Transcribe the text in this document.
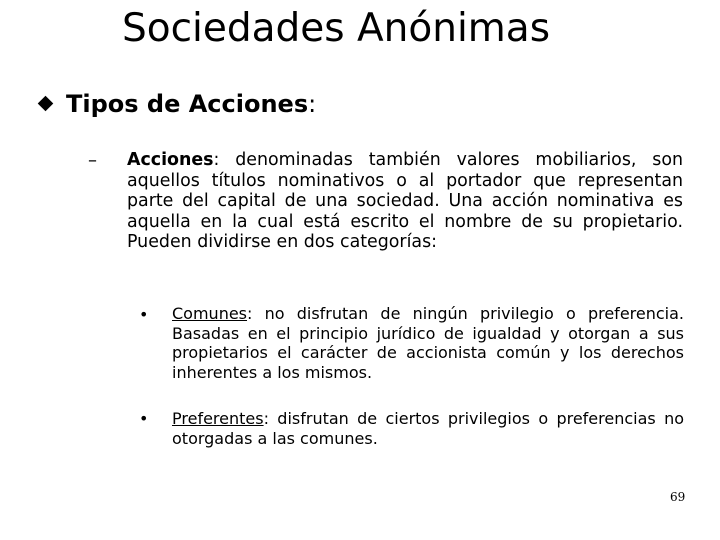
Sociedades Anónimas
Tipos de Acciones:
– Acciones: denominadas también valores mobiliarios, son aquellos títulos nominativos o al portador que representan parte del capital de una sociedad. Una acción nominativa es aquella en la cual está escrito el nombre de su propietario. Pueden dividirse en dos categorías:
• Comunes: no disfrutan de ningún privilegio o preferencia. Basadas en el principio jurídico de igualdad y otorgan a sus propietarios el carácter de accionista común y los derechos inherentes a los mismos.
• Preferentes: disfrutan de ciertos privilegios o preferencias no otorgadas a las comunes.
69
